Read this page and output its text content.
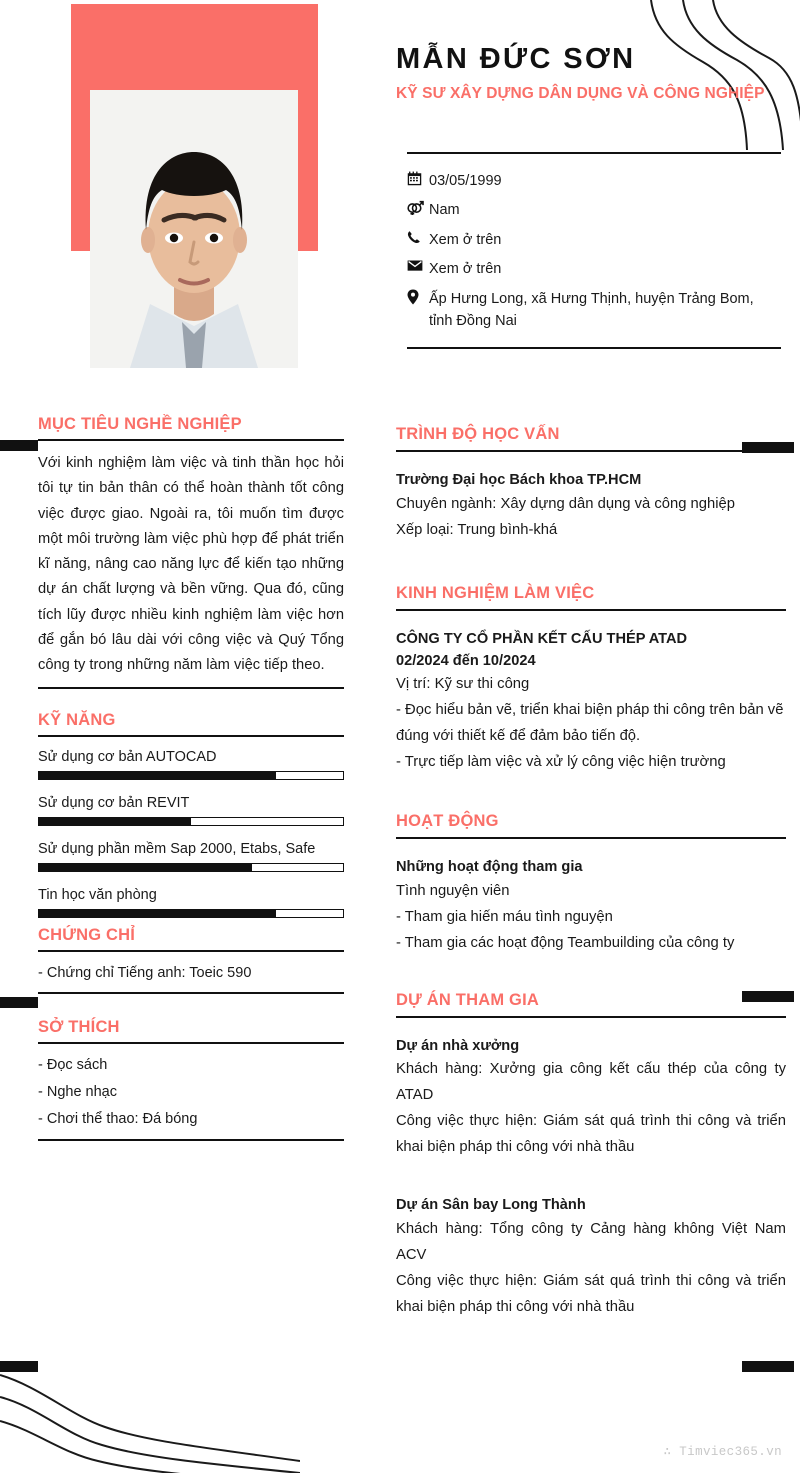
MẪN ĐỨC SƠN
KỸ SƯ XÂY DỰNG DÂN DỤNG VÀ CÔNG NGHIỆP
03/05/1999
Nam
Xem ở trên
Xem ở trên
Ấp Hưng Long, xã Hưng Thịnh, huyện Trảng Bom, tỉnh Đồng Nai
MỤC TIÊU NGHỀ NGHIỆP
Với kinh nghiệm làm việc và tinh thần học hỏi tôi tự tin bản thân có thể hoàn thành tốt công việc được giao. Ngoài ra, tôi muốn tìm được một môi trường làm việc phù hợp để phát triển kĩ năng, nâng cao năng lực để kiến tạo những dự án chất lượng và bền vững. Qua đó, cũng tích lũy được nhiều kinh nghiệm làm việc hơn để gắn bó lâu dài với công việc và Quý Tổng công ty trong những năm làm việc tiếp theo.
KỸ NĂNG
Sử dụng cơ bản AUTOCAD
Sử dụng cơ bản REVIT
Sử dụng phần mềm Sap 2000, Etabs, Safe
Tin học văn phòng
CHỨNG CHỈ
- Chứng chỉ Tiếng anh: Toeic 590
SỞ THÍCH
- Đọc sách
- Nghe nhạc
- Chơi thể thao: Đá bóng
TRÌNH ĐỘ HỌC VẤN
Trường Đại học Bách khoa TP.HCM
Chuyên ngành: Xây dựng dân dụng và công nghiệp
Xếp loại: Trung bình-khá
KINH NGHIỆM LÀM VIỆC
CÔNG TY CỔ PHẦN KẾT CẤU THÉP ATAD
02/2024 đến 10/2024
Vị trí: Kỹ sư thi công
- Đọc hiểu bản vẽ, triển khai biện pháp thi công trên bản vẽ
đúng với thiết kế để đảm bảo tiến độ.
- Trực tiếp làm việc và xử lý công việc hiện trường
HOẠT ĐỘNG
Những hoạt động tham gia
Tình nguyện viên
- Tham gia hiến máu tình nguyện
- Tham gia các hoạt động Teambuilding của công ty
DỰ ÁN THAM GIA
Dự án nhà xưởng
Khách hàng: Xưởng gia công kết cấu thép của công ty ATAD
Công việc thực hiện: Giám sát quá trình thi công và triển khai biện pháp thi công với nhà thầu
Dự án Sân bay Long Thành
Khách hàng: Tổng công ty Cảng hàng không Việt Nam ACV
Công việc thực hiện: Giám sát quá trình thi công và triển khai biện pháp thi công với nhà thầu
∴ Timviec365.vn
